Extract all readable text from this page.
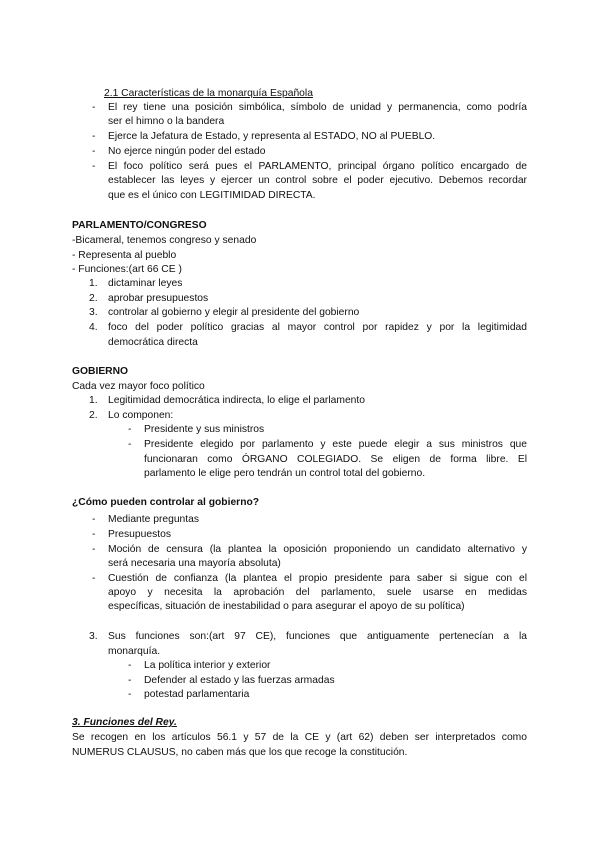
2.1 Características de la monarquía Española
- El rey tiene una posición simbólica, símbolo de unidad y permanencia, como podría
ser el himno o la bandera
- Ejerce la Jefatura de Estado, y representa al ESTADO, NO al PUEBLO.
- No ejerce ningún poder del estado
- El foco político será pues el PARLAMENTO, principal órgano político encargado de
establecer las leyes y ejercer un control sobre el poder ejecutivo. Debemos recordar
que es el único con LEGITIMIDAD DIRECTA.
PARLAMENTO/CONGRESO
-Bicameral, tenemos congreso y senado
- Representa al pueblo
- Funciones:(art 66 CE )
1. dictaminar leyes
2. aprobar presupuestos
3. controlar al gobierno y elegir al presidente del gobierno
4. foco del poder político gracias al mayor control por rapidez y por la legitimidad
democrática directa
GOBIERNO
Cada vez mayor foco político
1. Legitimidad democrática indirecta, lo elige el parlamento
2. Lo componen:
- Presidente y sus ministros
- Presidente elegido por parlamento y este puede elegir a sus ministros que
funcionaran como ÓRGANO COLEGIADO. Se eligen de forma libre. El
parlamento le elige pero tendrán un control total del gobierno.
¿Cómo pueden controlar al gobierno?
- Mediante preguntas
- Presupuestos
- Moción de censura (la plantea la oposición proponiendo un candidato alternativo y
será necesaria una mayoría absoluta)
- Cuestión de confianza (la plantea el propio presidente para saber si sigue con el
apoyo y necesita la aprobación del parlamento, suele usarse en medidas
específicas, situación de inestabilidad o para asegurar el apoyo de su política)
3. Sus funciones son:(art 97 CE), funciones que antiguamente pertenecían a la
monarquía.
- La política interior y exterior
- Defender al estado y las fuerzas armadas
- potestad parlamentaria
3. Funciones del Rey.
Se recogen en los artículos 56.1 y 57 de la CE y (art 62) deben ser interpretados como
NUMERUS CLAUSUS, no caben más que los que recoge la constitución.
